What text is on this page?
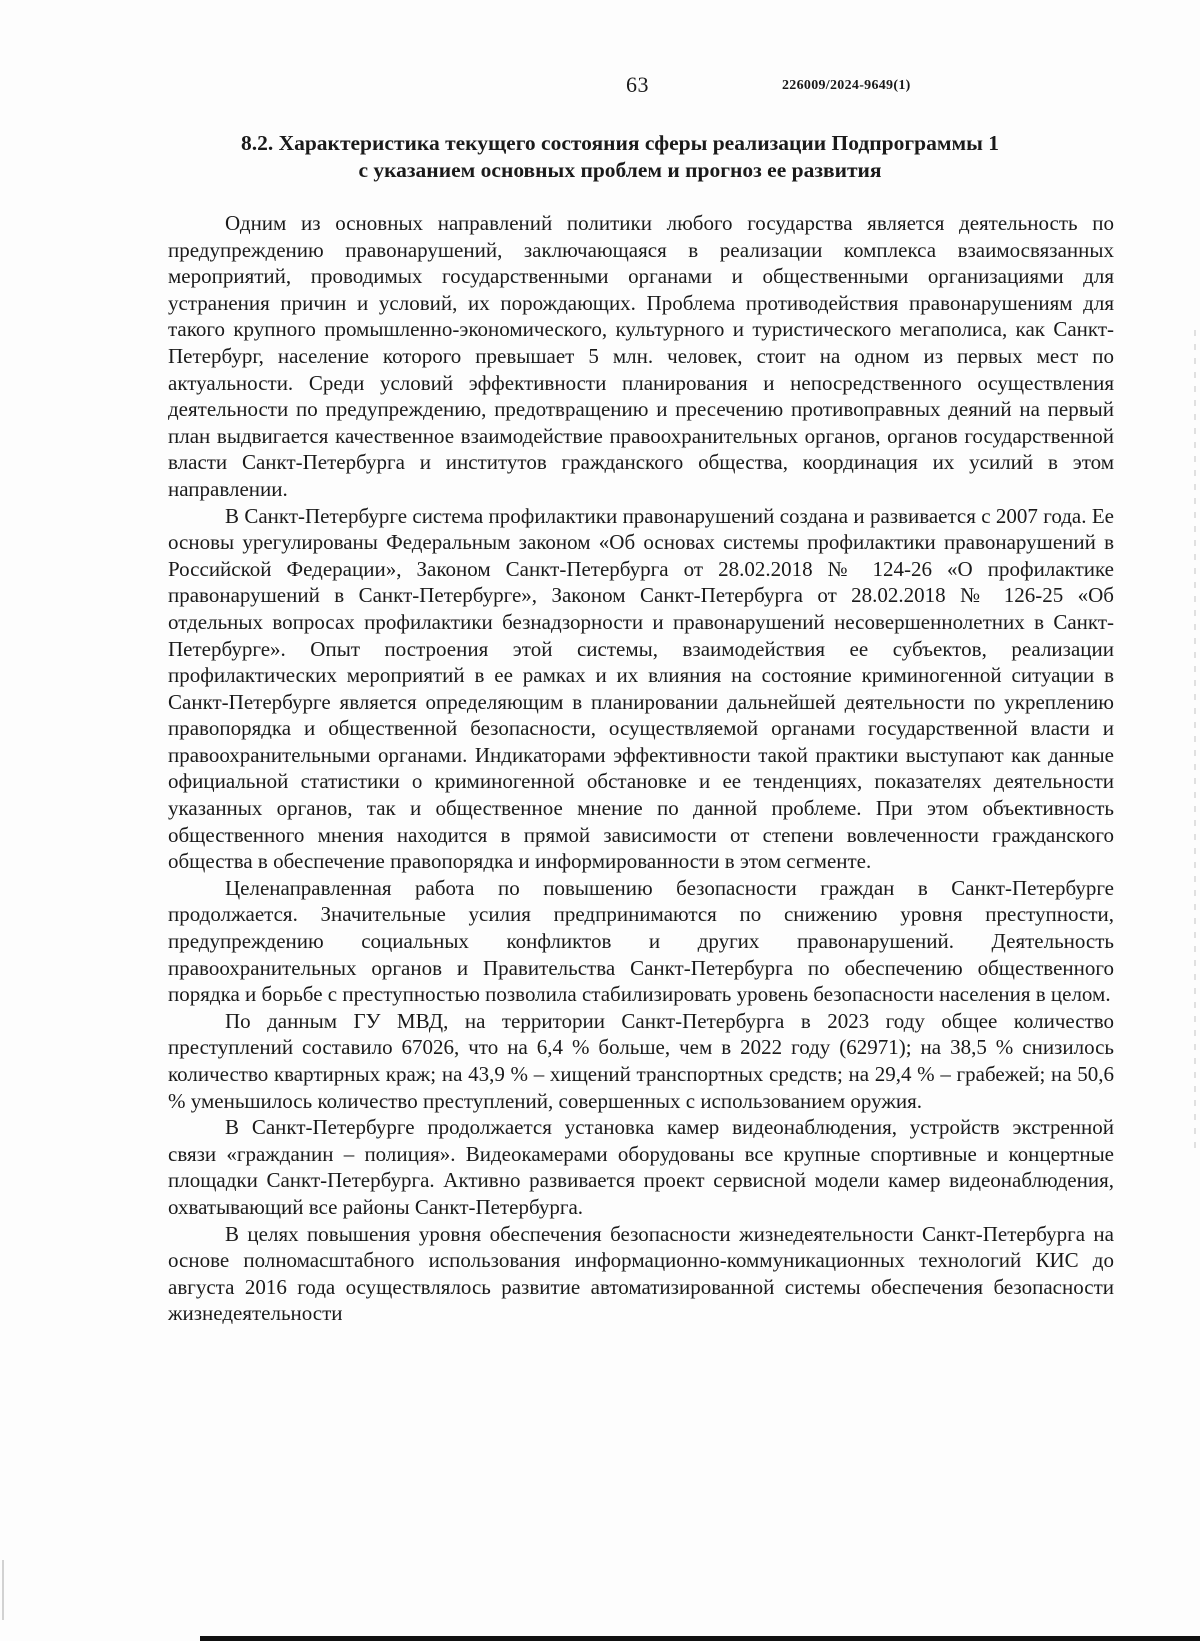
63	226009/2024-9649(1)
8.2. Характеристика текущего состояния сферы реализации Подпрограммы 1
с указанием основных проблем и прогноз ее развития

Одним из основных направлений политики любого государства является деятельность по предупреждению правонарушений, заключающаяся в реализации комплекса взаимосвязанных мероприятий, проводимых государственными органами и общественными организациями для устранения причин и условий, их порождающих. Проблема противодействия правонарушениям для такого крупного промышленно-экономического, культурного и туристического мегаполиса, как Санкт-Петербург, население которого превышает 5 млн. человек, стоит на одном из первых мест по актуальности. Среди условий эффективности планирования и непосредственного осуществления деятельности по предупреждению, предотвращению и пресечению противоправных деяний на первый план выдвигается качественное взаимодействие правоохранительных органов, органов государственной власти Санкт-Петербурга и институтов гражданского общества, координация их усилий в этом направлении.

В Санкт-Петербурге система профилактики правонарушений создана и развивается с 2007 года. Ее основы урегулированы Федеральным законом «Об основах системы профилактики правонарушений в Российской Федерации», Законом Санкт-Петербурга от 28.02.2018 № 124-26 «О профилактике правонарушений в Санкт-Петербурге», Законом Санкт-Петербурга от 28.02.2018 № 126-25 «Об отдельных вопросах профилактики безнадзорности и правонарушений несовершеннолетних в Санкт-Петербурге». Опыт построения этой системы, взаимодействия ее субъектов, реализации профилактических мероприятий в ее рамках и их влияния на состояние криминогенной ситуации в Санкт-Петербурге является определяющим в планировании дальнейшей деятельности по укреплению правопорядка и общественной безопасности, осуществляемой органами государственной власти и правоохранительными органами. Индикаторами эффективности такой практики выступают как данные официальной статистики о криминогенной обстановке и ее тенденциях, показателях деятельности указанных органов, так и общественное мнение по данной проблеме. При этом объективность общественного мнения находится в прямой зависимости от степени вовлеченности гражданского общества в обеспечение правопорядка и информированности в этом сегменте.

Целенаправленная работа по повышению безопасности граждан в Санкт-Петербурге продолжается. Значительные усилия предпринимаются по снижению уровня преступности, предупреждению социальных конфликтов и других правонарушений. Деятельность правоохранительных органов и Правительства Санкт-Петербурга по обеспечению общественного порядка и борьбе с преступностью позволила стабилизировать уровень безопасности населения в целом.

По данным ГУ МВД, на территории Санкт-Петербурга в 2023 году общее количество преступлений составило 67026, что на 6,4 % больше, чем в 2022 году (62971); на 38,5 % снизилось количество квартирных краж; на 43,9 % – хищений транспортных средств; на 29,4 % – грабежей; на 50,6 % уменьшилось количество преступлений, совершенных с использованием оружия.

В Санкт-Петербурге продолжается установка камер видеонаблюдения, устройств экстренной связи «гражданин – полиция». Видеокамерами оборудованы все крупные спортивные и концертные площадки Санкт-Петербурга. Активно развивается проект сервисной модели камер видеонаблюдения, охватывающий все районы Санкт-Петербурга.

В целях повышения уровня обеспечения безопасности жизнедеятельности Санкт-Петербурга на основе полномасштабного использования информационно-коммуникационных технологий КИС до августа 2016 года осуществлялось развитие автоматизированной системы обеспечения безопасности жизнедеятельности
